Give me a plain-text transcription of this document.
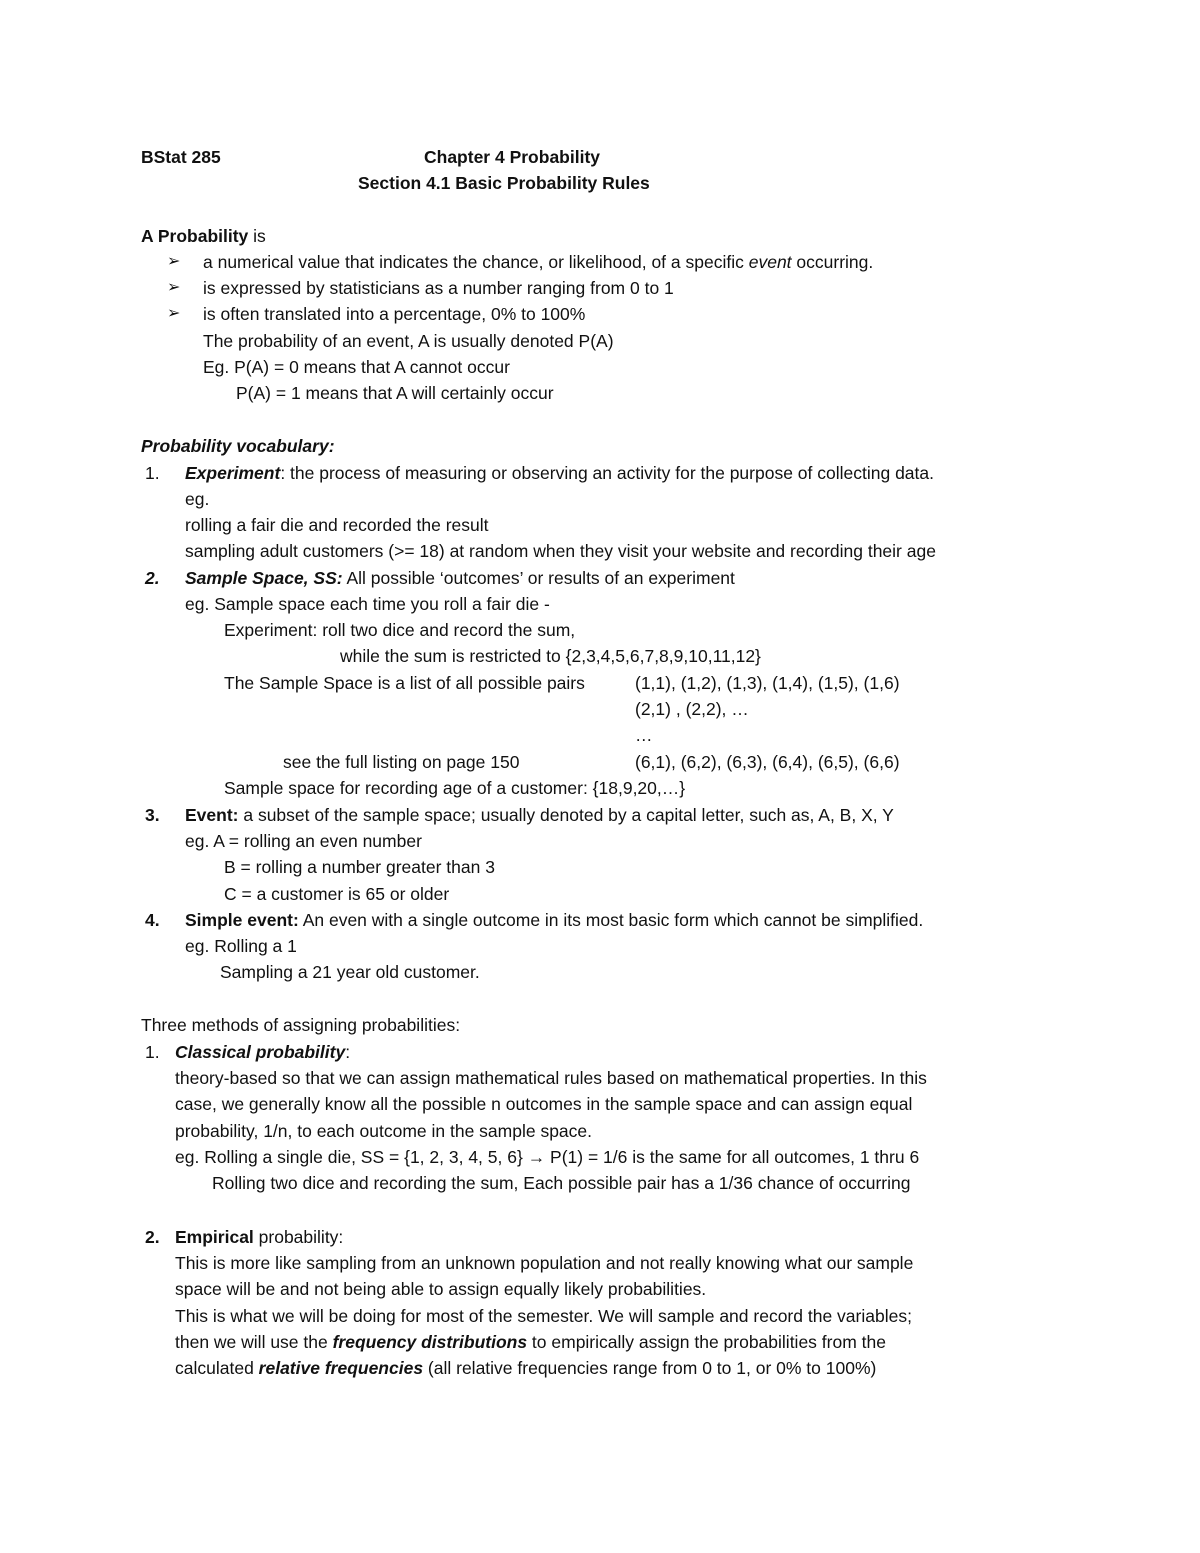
BStat 285	Chapter 4 Probability
Section 4.1 Basic Probability Rules
A Probability is
➢ a numerical value that indicates the chance, or likelihood, of a specific event occurring.
➢ is expressed by statisticians as a number ranging from 0 to 1
➢ is often translated into a percentage, 0% to 100%
The probability of an event, A is usually denoted P(A)
Eg. P(A) = 0 means that A cannot occur
P(A) = 1 means that A will certainly occur
Probability vocabulary:
1. Experiment: the process of measuring or observing an activity for the purpose of collecting data.
eg.
rolling a fair die and recorded the result
sampling adult customers (>= 18) at random when they visit your website and recording their age
2. Sample Space, SS: All possible ‘outcomes’ or results of an experiment
eg. Sample space each time you roll a fair die -
Experiment: roll two dice and record the sum,
while the sum is restricted to {2,3,4,5,6,7,8,9,10,11,12}
The Sample Space is a list of all possible pairs	(1,1), (1,2), (1,3), (1,4), (1,5), (1,6)
(2,1) , (2,2), …
…
see the full listing on page 150	(6,1), (6,2), (6,3), (6,4), (6,5), (6,6)
Sample space for recording age of a customer: {18,9,20,…}
3. Event: a subset of the sample space; usually denoted by a capital letter, such as, A, B, X, Y
eg. A = rolling an even number
B = rolling a number greater than 3
C = a customer is 65 or older
4. Simple event: An even with a single outcome in its most basic form which cannot be simplified.
eg. Rolling a 1
Sampling a 21 year old customer.
Three methods of assigning probabilities:
1. Classical probability:
theory-based so that we can assign mathematical rules based on mathematical properties. In this
case, we generally know all the possible n outcomes in the sample space and can assign equal
probability, 1/n, to each outcome in the sample space.
eg. Rolling a single die, SS = {1, 2, 3, 4, 5, 6} → P(1) = 1/6 is the same for all outcomes, 1 thru 6
Rolling two dice and recording the sum, Each possible pair has a 1/36 chance of occurring
2. Empirical probability:
This is more like sampling from an unknown population and not really knowing what our sample
space will be and not being able to assign equally likely probabilities.
This is what we will be doing for most of the semester. We will sample and record the variables;
then we will use the frequency distributions to empirically assign the probabilities from the
calculated relative frequencies (all relative frequencies range from 0 to 1, or 0% to 100%)
